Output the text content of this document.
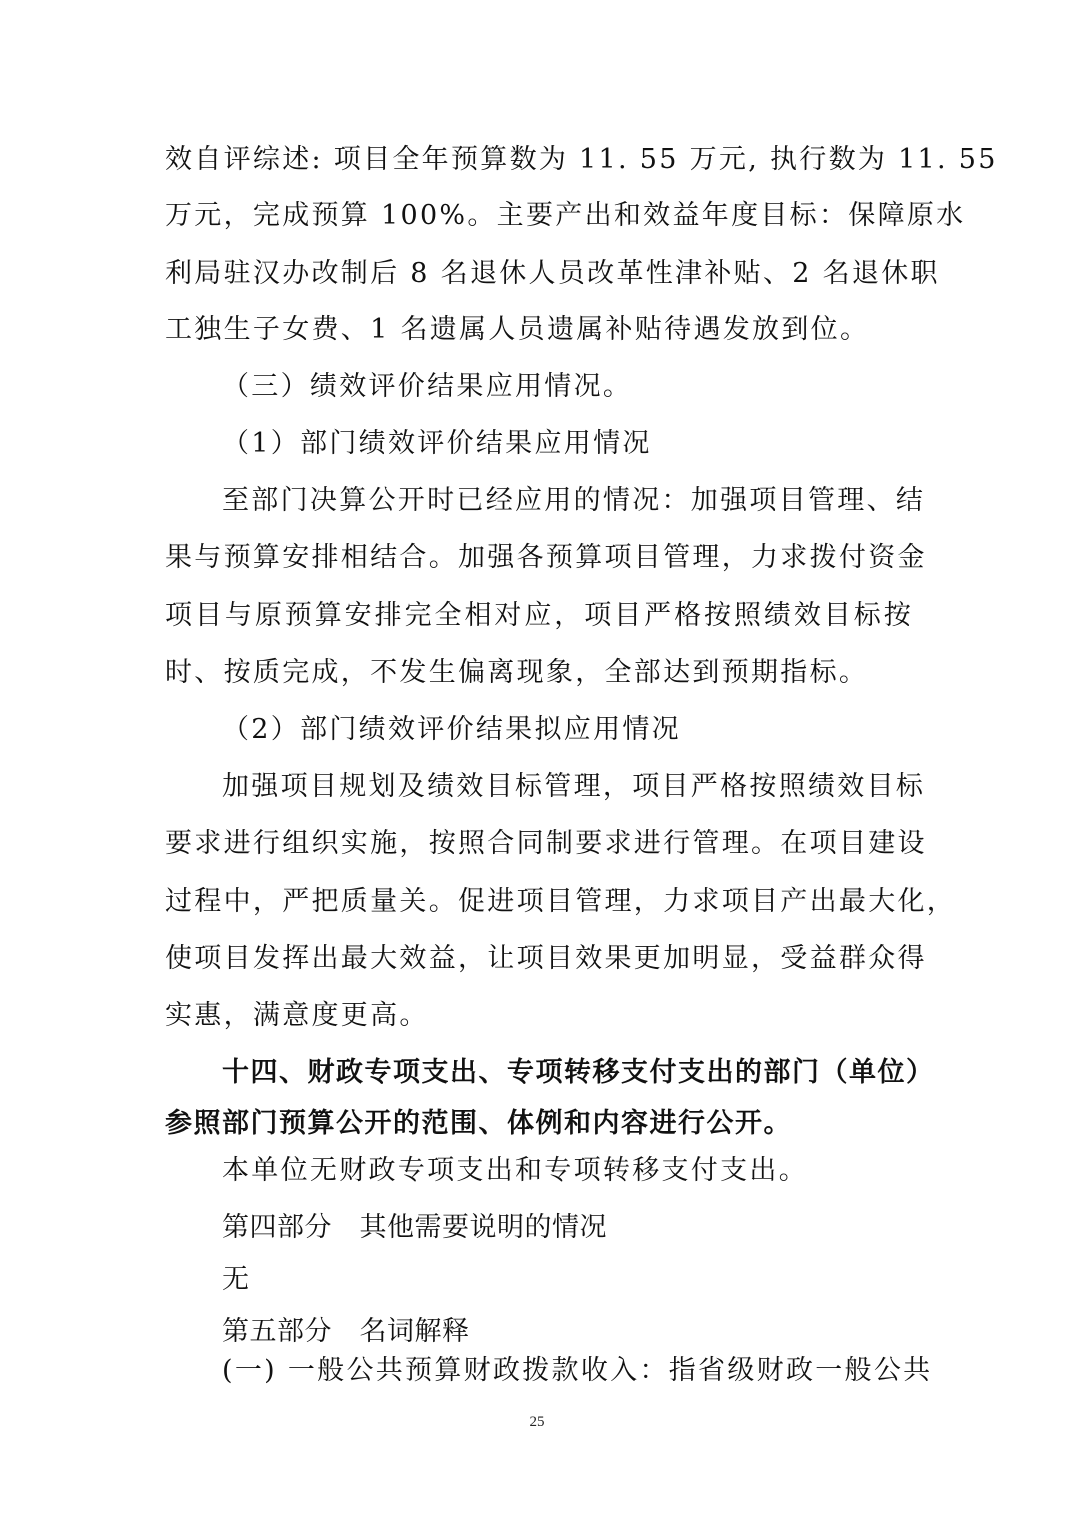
效自评综述: 项目全年预算数为 11. 55 万元, 执行数为 11. 55
万元，完成预算 100%。主要产出和效益年度目标：保障原水
利局驻汉办改制后 8 名退休人员改革性津补贴、2 名退休职
工独生子女费、1 名遗属人员遗属补贴待遇发放到位。
（三）绩效评价结果应用情况。
（1）部门绩效评价结果应用情况
至部门决算公开时已经应用的情况：加强项目管理、结
果与预算安排相结合。加强各预算项目管理，力求拨付资金
项目与原预算安排完全相对应，项目严格按照绩效目标按
时、按质完成，不发生偏离现象，全部达到预期指标。
（2）部门绩效评价结果拟应用情况
加强项目规划及绩效目标管理，项目严格按照绩效目标
要求进行组织实施，按照合同制要求进行管理。在项目建设
过程中，严把质量关。促进项目管理，力求项目产出最大化，
使项目发挥出最大效益，让项目效果更加明显，受益群众得
实惠，满意度更高。
十四、财政专项支出、专项转移支付支出的部门（单位）
参照部门预算公开的范围、体例和内容进行公开。
本单位无财政专项支出和专项转移支付支出。
第四部分　其他需要说明的情况
无
第五部分　名词解释
(一) 一般公共预算财政拨款收入：指省级财政一般公共
25
